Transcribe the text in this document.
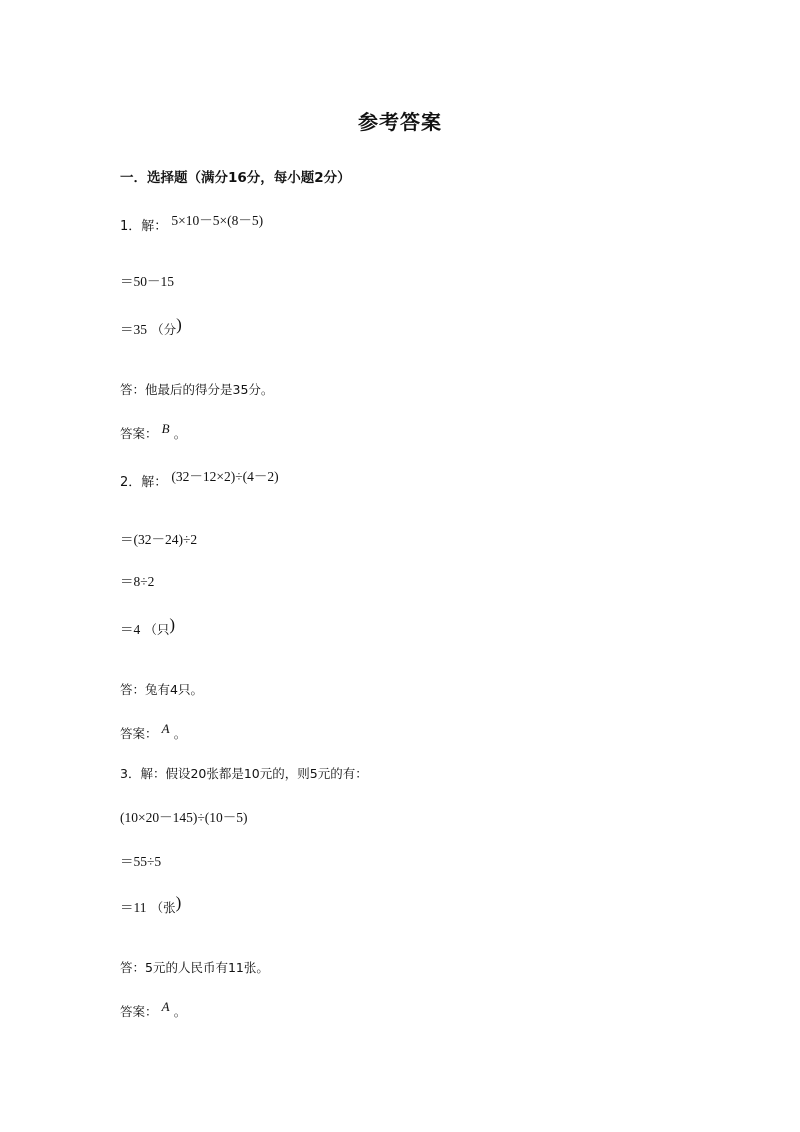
参考答案
一．选择题（满分16分，每小题2分）
1．解： 5×10－5×(8－5)
＝50－15
＝35 （分)
答：他最后的得分是35分。
答案： B 。
2．解： (32－12×2)÷(4－2)
＝(32－24)÷2
＝8÷2
＝4 （只)
答：兔有4只。
答案： A 。
3．解：假设20张都是10元的，则5元的有：
(10×20－145)÷(10－5)
＝55÷5
＝11 （张)
答：5元的人民币有11张。
答案： A 。
